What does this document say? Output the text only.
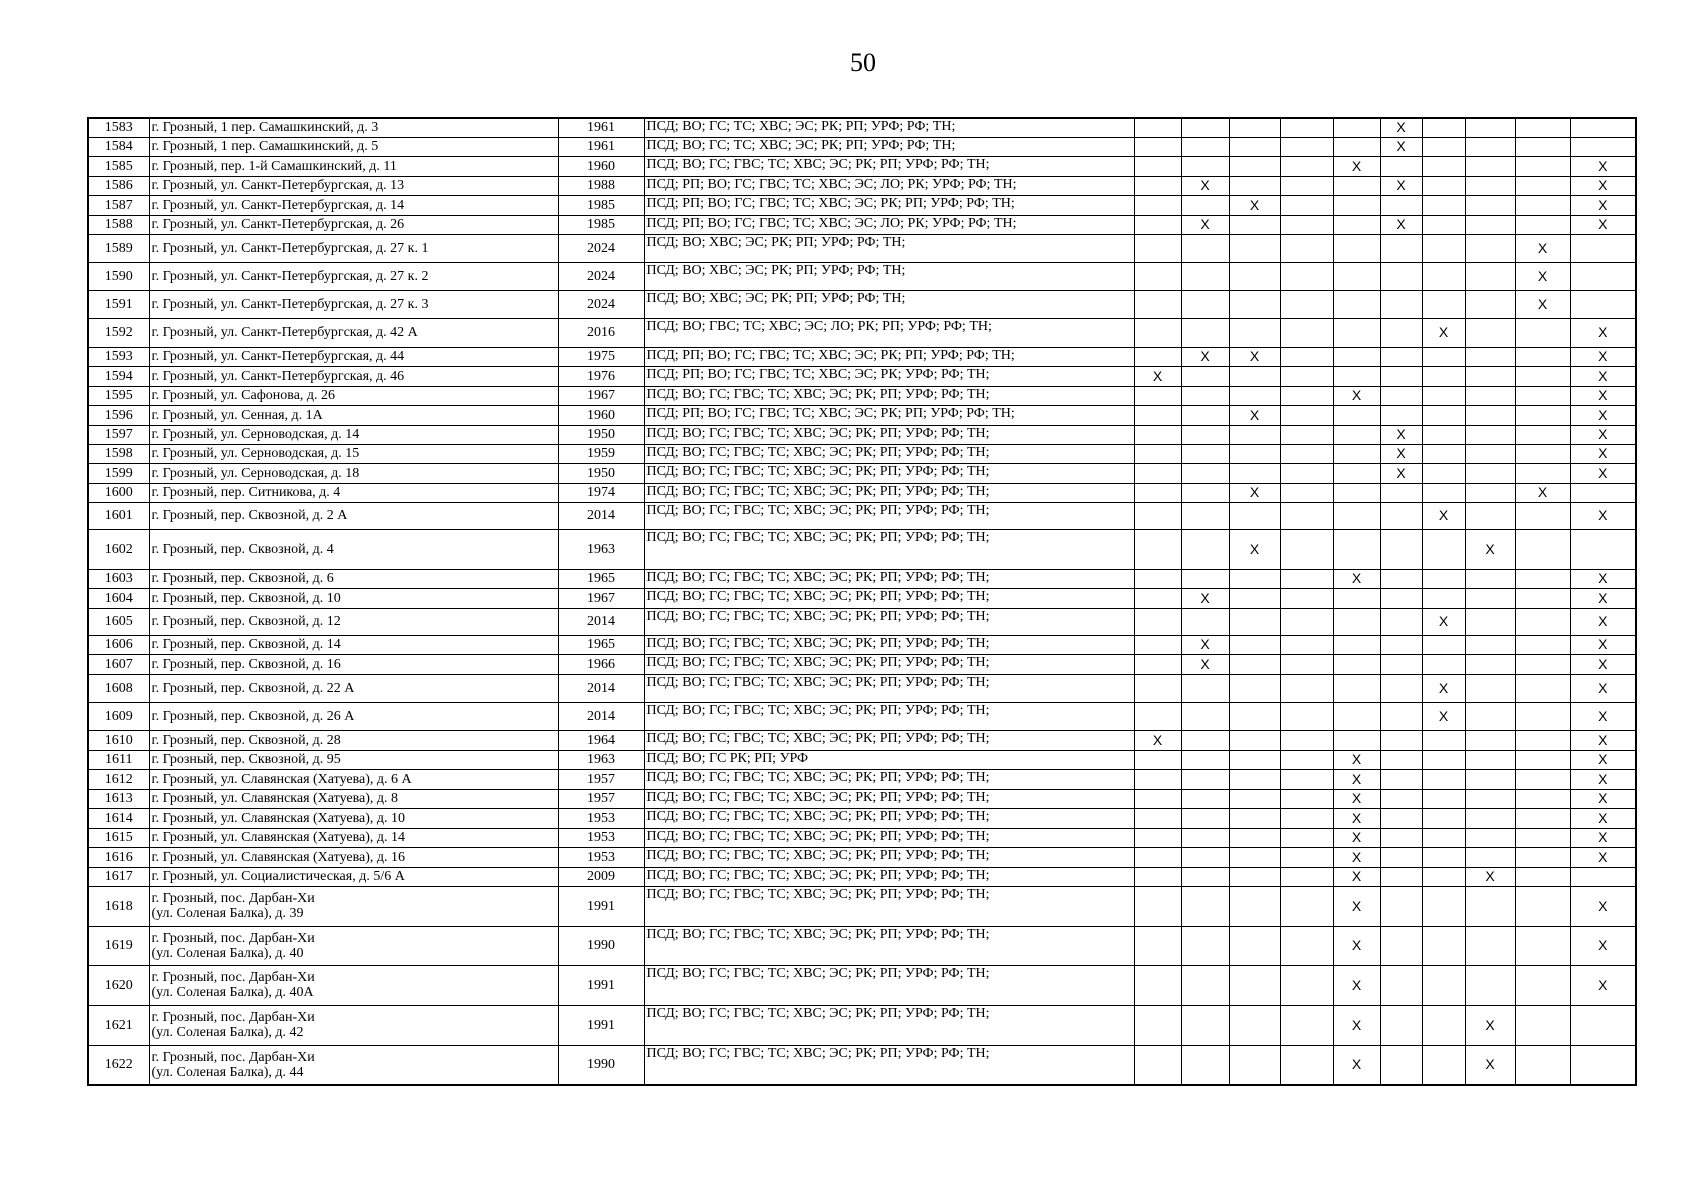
50
1583	г. Грозный, 1 пер. Самашкинский, д. 3	1961	ПСД; ВО; ГС; ТС; ХВС; ЭС; РК; РП; УРФ; РФ; ТН;						X				
1584	г. Грозный, 1 пер. Самашкинский, д. 5	1961	ПСД; ВО; ГС; ТС; ХВС; ЭС; РК; РП; УРФ; РФ; ТН;						X				
1585	г. Грозный, пер. 1-й Самашкинский, д. 11	1960	ПСД; ВО; ГС; ГВС; ТС; ХВС; ЭС; РК; РП; УРФ; РФ; ТН;					X					X
1586	г. Грозный, ул. Санкт-Петербургская, д. 13	1988	ПСД; РП; ВО; ГС; ГВС; ТС; ХВС; ЭС; ЛО; РК; УРФ; РФ; ТН;		X				X				X
1587	г. Грозный, ул. Санкт-Петербургская, д. 14	1985	ПСД; РП; ВО; ГС; ГВС; ТС; ХВС; ЭС; РК; РП; УРФ; РФ; ТН;			X							X
1588	г. Грозный, ул. Санкт-Петербургская, д. 26	1985	ПСД; РП; ВО; ГС; ГВС; ТС; ХВС; ЭС; ЛО; РК; УРФ; РФ; ТН;		X				X				X
1589	г. Грозный, ул. Санкт-Петербургская, д. 27 к. 1	2024	ПСД; ВО; ХВС; ЭС; РК; РП; УРФ; РФ; ТН;									X	
1590	г. Грозный, ул. Санкт-Петербургская, д. 27 к. 2	2024	ПСД; ВО; ХВС; ЭС; РК; РП; УРФ; РФ; ТН;									X	
1591	г. Грозный, ул. Санкт-Петербургская, д. 27 к. 3	2024	ПСД; ВО; ХВС; ЭС; РК; РП; УРФ; РФ; ТН;									X	
1592	г. Грозный, ул. Санкт-Петербургская, д. 42 А	2016	ПСД; ВО; ГВС; ТС; ХВС; ЭС; ЛО; РК; РП; УРФ; РФ; ТН;							X			X
1593	г. Грозный, ул. Санкт-Петербургская, д. 44	1975	ПСД; РП; ВО; ГС; ГВС; ТС; ХВС; ЭС; РК; РП; УРФ; РФ; ТН;		X	X							X
1594	г. Грозный, ул. Санкт-Петербургская, д. 46	1976	ПСД; РП; ВО; ГС; ГВС; ТС; ХВС; ЭС; РК; УРФ; РФ; ТН;	X									X
1595	г. Грозный, ул. Сафонова, д. 26	1967	ПСД; ВО; ГС; ГВС; ТС; ХВС; ЭС; РК; РП; УРФ; РФ; ТН;					X					X
1596	г. Грозный, ул. Сенная, д. 1А	1960	ПСД; РП; ВО; ГС; ГВС; ТС; ХВС; ЭС; РК; РП; УРФ; РФ; ТН;			X							X
1597	г. Грозный, ул. Серноводская, д. 14	1950	ПСД; ВО; ГС; ГВС; ТС; ХВС; ЭС; РК; РП; УРФ; РФ; ТН;						X				X
1598	г. Грозный, ул. Серноводская, д. 15	1959	ПСД; ВО; ГС; ГВС; ТС; ХВС; ЭС; РК; РП; УРФ; РФ; ТН;						X				X
1599	г. Грозный, ул. Серноводская, д. 18	1950	ПСД; ВО; ГС; ГВС; ТС; ХВС; ЭС; РК; РП; УРФ; РФ; ТН;						X				X
1600	г. Грозный, пер. Ситникова, д. 4	1974	ПСД; ВО; ГС; ГВС; ТС; ХВС; ЭС; РК; РП; УРФ; РФ; ТН;			X						X	
1601	г. Грозный, пер. Сквозной, д. 2 А	2014	ПСД; ВО; ГС; ГВС; ТС; ХВС; ЭС; РК; РП; УРФ; РФ; ТН;							X			X
1602	г. Грозный, пер. Сквозной, д. 4	1963	ПСД; ВО; ГС; ГВС; ТС; ХВС; ЭС; РК; РП; УРФ; РФ; ТН;			X					X		
1603	г. Грозный, пер. Сквозной, д. 6	1965	ПСД; ВО; ГС; ГВС; ТС; ХВС; ЭС; РК; РП; УРФ; РФ; ТН;					X					X
1604	г. Грозный, пер. Сквозной, д. 10	1967	ПСД; ВО; ГС; ГВС; ТС; ХВС; ЭС; РК; РП; УРФ; РФ; ТН;		X								X
1605	г. Грозный, пер. Сквозной, д. 12	2014	ПСД; ВО; ГС; ГВС; ТС; ХВС; ЭС; РК; РП; УРФ; РФ; ТН;							X			X
1606	г. Грозный, пер. Сквозной, д. 14	1965	ПСД; ВО; ГС; ГВС; ТС; ХВС; ЭС; РК; РП; УРФ; РФ; ТН;		X								X
1607	г. Грозный, пер. Сквозной, д. 16	1966	ПСД; ВО; ГС; ГВС; ТС; ХВС; ЭС; РК; РП; УРФ; РФ; ТН;		X								X
1608	г. Грозный, пер. Сквозной, д. 22 А	2014	ПСД; ВО; ГС; ГВС; ТС; ХВС; ЭС; РК; РП; УРФ; РФ; ТН;							X			X
1609	г. Грозный, пер. Сквозной, д. 26 А	2014	ПСД; ВО; ГС; ГВС; ТС; ХВС; ЭС; РК; РП; УРФ; РФ; ТН;							X			X
1610	г. Грозный, пер. Сквозной, д. 28	1964	ПСД; ВО; ГС; ГВС; ТС; ХВС; ЭС; РК; РП; УРФ; РФ; ТН;	X									X
1611	г. Грозный, пер. Сквозной, д. 95	1963	ПСД; ВО; ГС РК; РП; УРФ					X					X
1612	г. Грозный, ул. Славянская (Хатуева), д. 6 А	1957	ПСД; ВО; ГС; ГВС; ТС; ХВС; ЭС; РК; РП; УРФ; РФ; ТН;					X					X
1613	г. Грозный, ул. Славянская (Хатуева), д. 8	1957	ПСД; ВО; ГС; ГВС; ТС; ХВС; ЭС; РК; РП; УРФ; РФ; ТН;					X					X
1614	г. Грозный, ул. Славянская (Хатуева), д. 10	1953	ПСД; ВО; ГС; ГВС; ТС; ХВС; ЭС; РК; РП; УРФ; РФ; ТН;					X					X
1615	г. Грозный, ул. Славянская (Хатуева), д. 14	1953	ПСД; ВО; ГС; ГВС; ТС; ХВС; ЭС; РК; РП; УРФ; РФ; ТН;					X					X
1616	г. Грозный, ул. Славянская (Хатуева), д. 16	1953	ПСД; ВО; ГС; ГВС; ТС; ХВС; ЭС; РК; РП; УРФ; РФ; ТН;					X					X
1617	г. Грозный, ул. Социалистическая, д. 5/6 А	2009	ПСД; ВО; ГС; ГВС; ТС; ХВС; ЭС; РК; РП; УРФ; РФ; ТН;					X			X		
1618	г. Грозный, пос. Дарбан-Хи
(ул. Соленая Балка), д. 39	1991	ПСД; ВО; ГС; ГВС; ТС; ХВС; ЭС; РК; РП; УРФ; РФ; ТН;					X					X
1619	г. Грозный, пос. Дарбан-Хи
(ул. Соленая Балка), д. 40	1990	ПСД; ВО; ГС; ГВС; ТС; ХВС; ЭС; РК; РП; УРФ; РФ; ТН;					X					X
1620	г. Грозный, пос. Дарбан-Хи
(ул. Соленая Балка), д. 40А	1991	ПСД; ВО; ГС; ГВС; ТС; ХВС; ЭС; РК; РП; УРФ; РФ; ТН;					X					X
1621	г. Грозный, пос. Дарбан-Хи
(ул. Соленая Балка), д. 42	1991	ПСД; ВО; ГС; ГВС; ТС; ХВС; ЭС; РК; РП; УРФ; РФ; ТН;					X			X		
1622	г. Грозный, пос. Дарбан-Хи
(ул. Соленая Балка), д. 44	1990	ПСД; ВО; ГС; ГВС; ТС; ХВС; ЭС; РК; РП; УРФ; РФ; ТН;					X			X		
